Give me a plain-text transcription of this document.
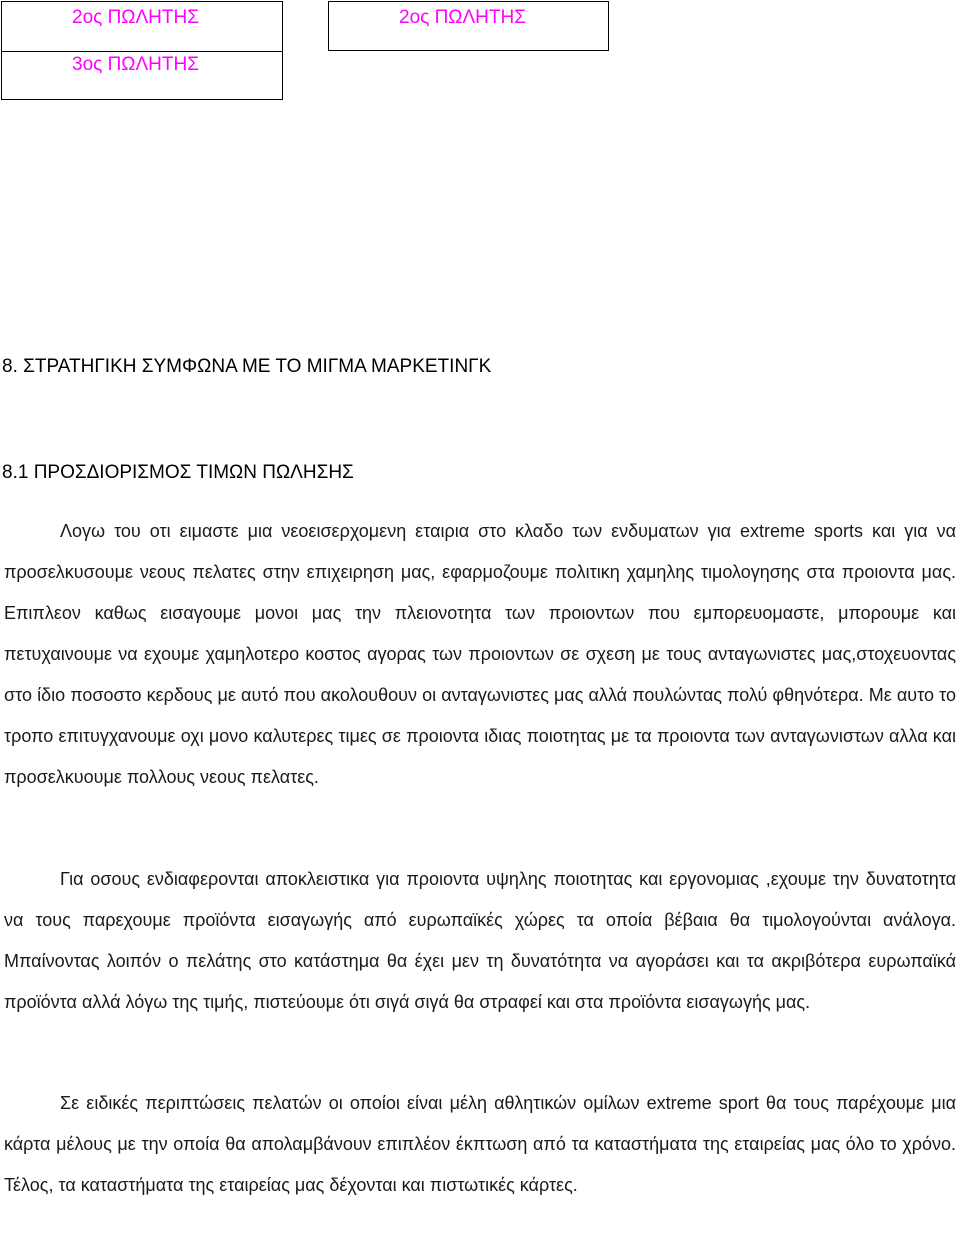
2ος ΠΩΛΗΤΗΣ
3ος ΠΩΛΗΤΗΣ
2ος ΠΩΛΗΤΗΣ
8. ΣΤΡΑΤΗΓΙΚΗ ΣΥΜΦΩΝΑ ΜΕ ΤΟ ΜΙΓΜΑ ΜΑΡΚΕΤΙΝΓΚ
8.1 ΠΡΟΣΔΙΟΡΙΣΜΟΣ ΤΙΜΩΝ ΠΩΛΗΣΗΣ

Λογω του οτι ειμαστε μια νεοεισερχομενη εταιρια στο κλαδο των ενδυματων για extreme sports και για να προσελκυσουμε νεους πελατες στην επιχειρηση μας, εφαρμοζουμε πολιτικη χαμηλης τιμολογησης στα προιοντα μας. Επιπλεον καθως εισαγουμε μονοι μας την πλειονοτητα των προιοντων που εμπορευομαστε, μπορουμε και πετυχαινουμε να εχουμε χαμηλοτερο κοστος αγορας των προιοντων σε σχεση με τους ανταγωνιστες μας,στοχευοντας στο ίδιο ποσοστο κερδους με αυτό που ακολουθουν οι ανταγωνιστες μας αλλά πουλώντας πολύ φθηνότερα. Με αυτο το τροπο επιτυγχανουμε οχι μονο καλυτερες τιμες σε προιοντα ιδιας ποιοτητας με τα προιοντα των ανταγωνιστων αλλα και προσελκυουμε πολλους νεους πελατες.

Για οσους ενδιαφερονται αποκλειστικα για προιοντα υψηλης ποιοτητας και εργονομιας ,εχουμε την δυνατοτητα να τους παρεχουμε προϊόντα εισαγωγής από ευρωπαϊκές χώρες τα οποία βέβαια θα τιμολογούνται ανάλογα. Μπαίνοντας λοιπόν ο πελάτης στο κατάστημα θα έχει μεν τη δυνατότητα να αγοράσει και τα ακριβότερα ευρωπαϊκά προϊόντα αλλά λόγω της τιμής, πιστεύουμε ότι σιγά σιγά θα στραφεί και στα προϊόντα εισαγωγής μας.

Σε ειδικές περιπτώσεις πελατών οι οποίοι είναι μέλη αθλητικών ομίλων extreme sport θα τους παρέχουμε μια κάρτα μέλους με την οποία θα απολαμβάνουν επιπλέον έκπτωση από τα καταστήματα της εταιρείας μας όλο το χρόνο. Τέλος, τα καταστήματα της εταιρείας μας δέχονται και πιστωτικές κάρτες.
